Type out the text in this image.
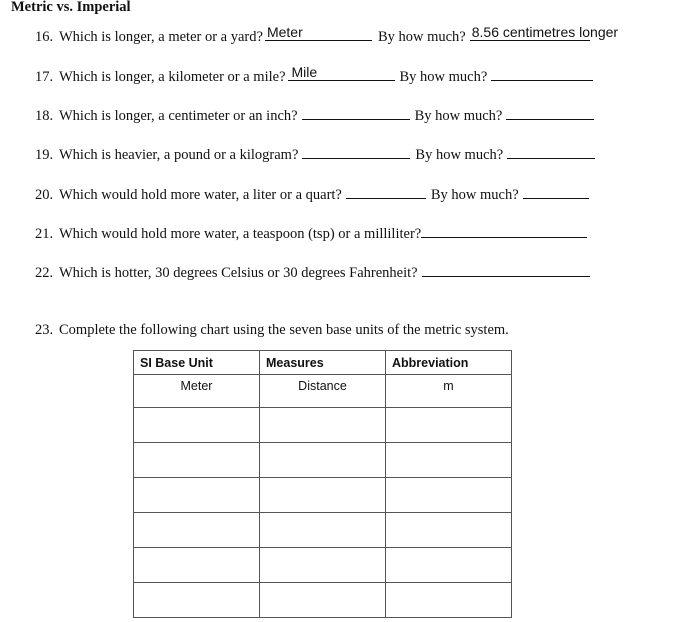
Metric vs. Imperial
16. Which is longer, a meter or a yard? Meter	By how much? 8.56 centimetres longer
17. Which is longer, a kilometer or a mile? Mile	By how much?
18. Which is longer, a centimeter or an inch?	By how much?
19. Which is heavier, a pound or a kilogram?	By how much?
20. Which would hold more water, a liter or a quart?	By how much?
21. Which would hold more water, a teaspoon (tsp) or a milliliter?
22. Which is hotter, 30 degrees Celsius or 30 degrees Fahrenheit?
23. Complete the following chart using the seven base units of the metric system.
SI Base Unit	Measures	Abbreviation
Meter	Distance	m
